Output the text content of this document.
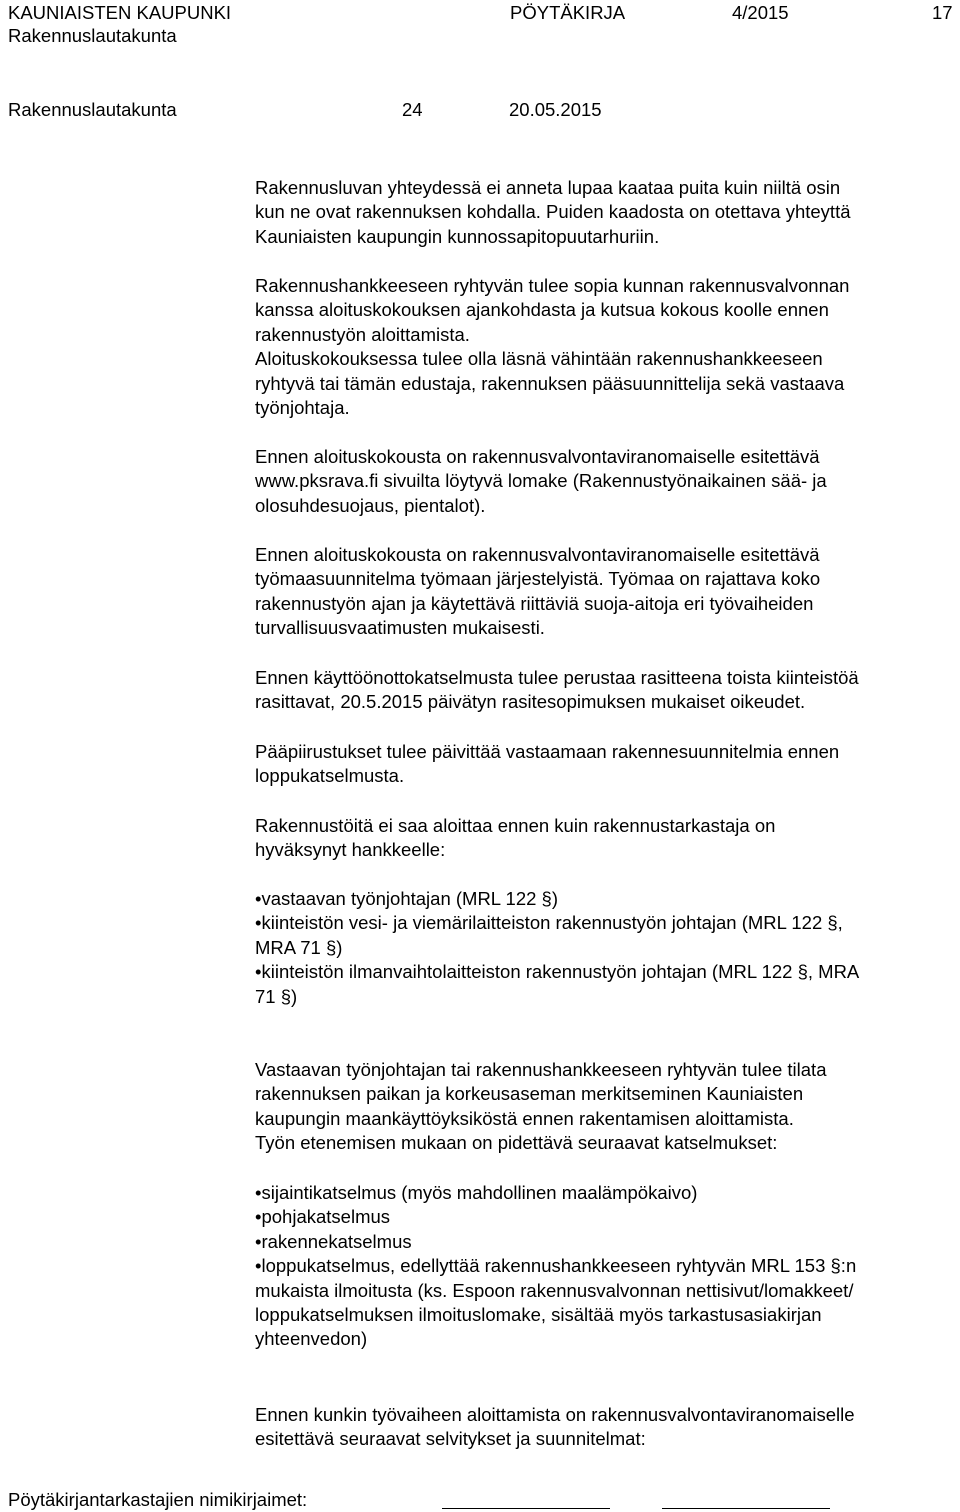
KAUNIAISTEN KAUPUNKI	PÖYTÄKIRJA	4/2015	17
Rakennuslautakunta
Rakennuslautakunta	24	20.05.2015

Rakennusluvan yhteydessä ei anneta lupaa kaataa puita kuin niiltä osin

kun ne ovat rakennuksen kohdalla. Puiden kaadosta on otettava yhteyttä

Kauniaisten kaupungin kunnossapitopuutarhuriin.

Rakennushankkeeseen ryhtyvän tulee sopia kunnan rakennusvalvonnan

kanssa aloituskokouksen ajankohdasta ja kutsua kokous koolle ennen

rakennustyön aloittamista.

Aloituskokouksessa tulee olla läsnä vähintään rakennushankkeeseen

ryhtyvä tai tämän edustaja, rakennuksen pääsuunnittelija sekä vastaava

työnjohtaja.

Ennen aloituskokousta on rakennusvalvontaviranomaiselle esitettävä

www.pksrava.fi sivuilta löytyvä lomake (Rakennustyönaikainen sää- ja

olosuhdesuojaus, pientalot).

Ennen aloituskokousta on rakennusvalvontaviranomaiselle esitettävä

työmaasuunnitelma työmaan järjestelyistä. Työmaa on rajattava koko

rakennustyön ajan ja käytettävä riittäviä suoja-aitoja eri työvaiheiden

turvallisuusvaatimusten mukaisesti.

Ennen käyttöönottokatselmusta tulee perustaa rasitteena toista kiinteistöä

rasittavat, 20.5.2015 päivätyn rasitesopimuksen mukaiset oikeudet.

Pääpiirustukset tulee päivittää vastaamaan rakennesuunnitelmia ennen

loppukatselmusta.

Rakennustöitä ei saa aloittaa ennen kuin rakennustarkastaja on

hyväksynyt hankkeelle:

• vastaavan työnjohtajan (MRL 122 §)

• kiinteistön vesi- ja viemärilaitteiston rakennustyön johtajan (MRL 122 §,

MRA 71 §)

• kiinteistön ilmanvaihtolaitteiston rakennustyön johtajan (MRL 122 §, MRA

71 §)

Vastaavan työnjohtajan tai rakennushankkeeseen ryhtyvän tulee tilata

rakennuksen paikan ja korkeusaseman merkitseminen Kauniaisten

kaupungin maankäyttöyksiköstä ennen rakentamisen aloittamista.

Työn etenemisen mukaan on pidettävä seuraavat katselmukset:

• sijaintikatselmus (myös mahdollinen maalämpökaivo)

• pohjakatselmus

• rakennekatselmus

• loppukatselmus, edellyttää rakennushankkeeseen ryhtyvän MRL 153 §:n

mukaista ilmoitusta (ks. Espoon rakennusvalvonnan nettisivut/lomakkeet/

loppukatselmuksen ilmoituslomake, sisältää myös tarkastusasiakirjan

yhteenvedon)

Ennen kunkin työvaiheen aloittamista on rakennusvalvontaviranomaiselle

esitettävä seuraavat selvitykset ja suunnitelmat:

Pöytäkirjantarkastajien nimikirjaimet:
